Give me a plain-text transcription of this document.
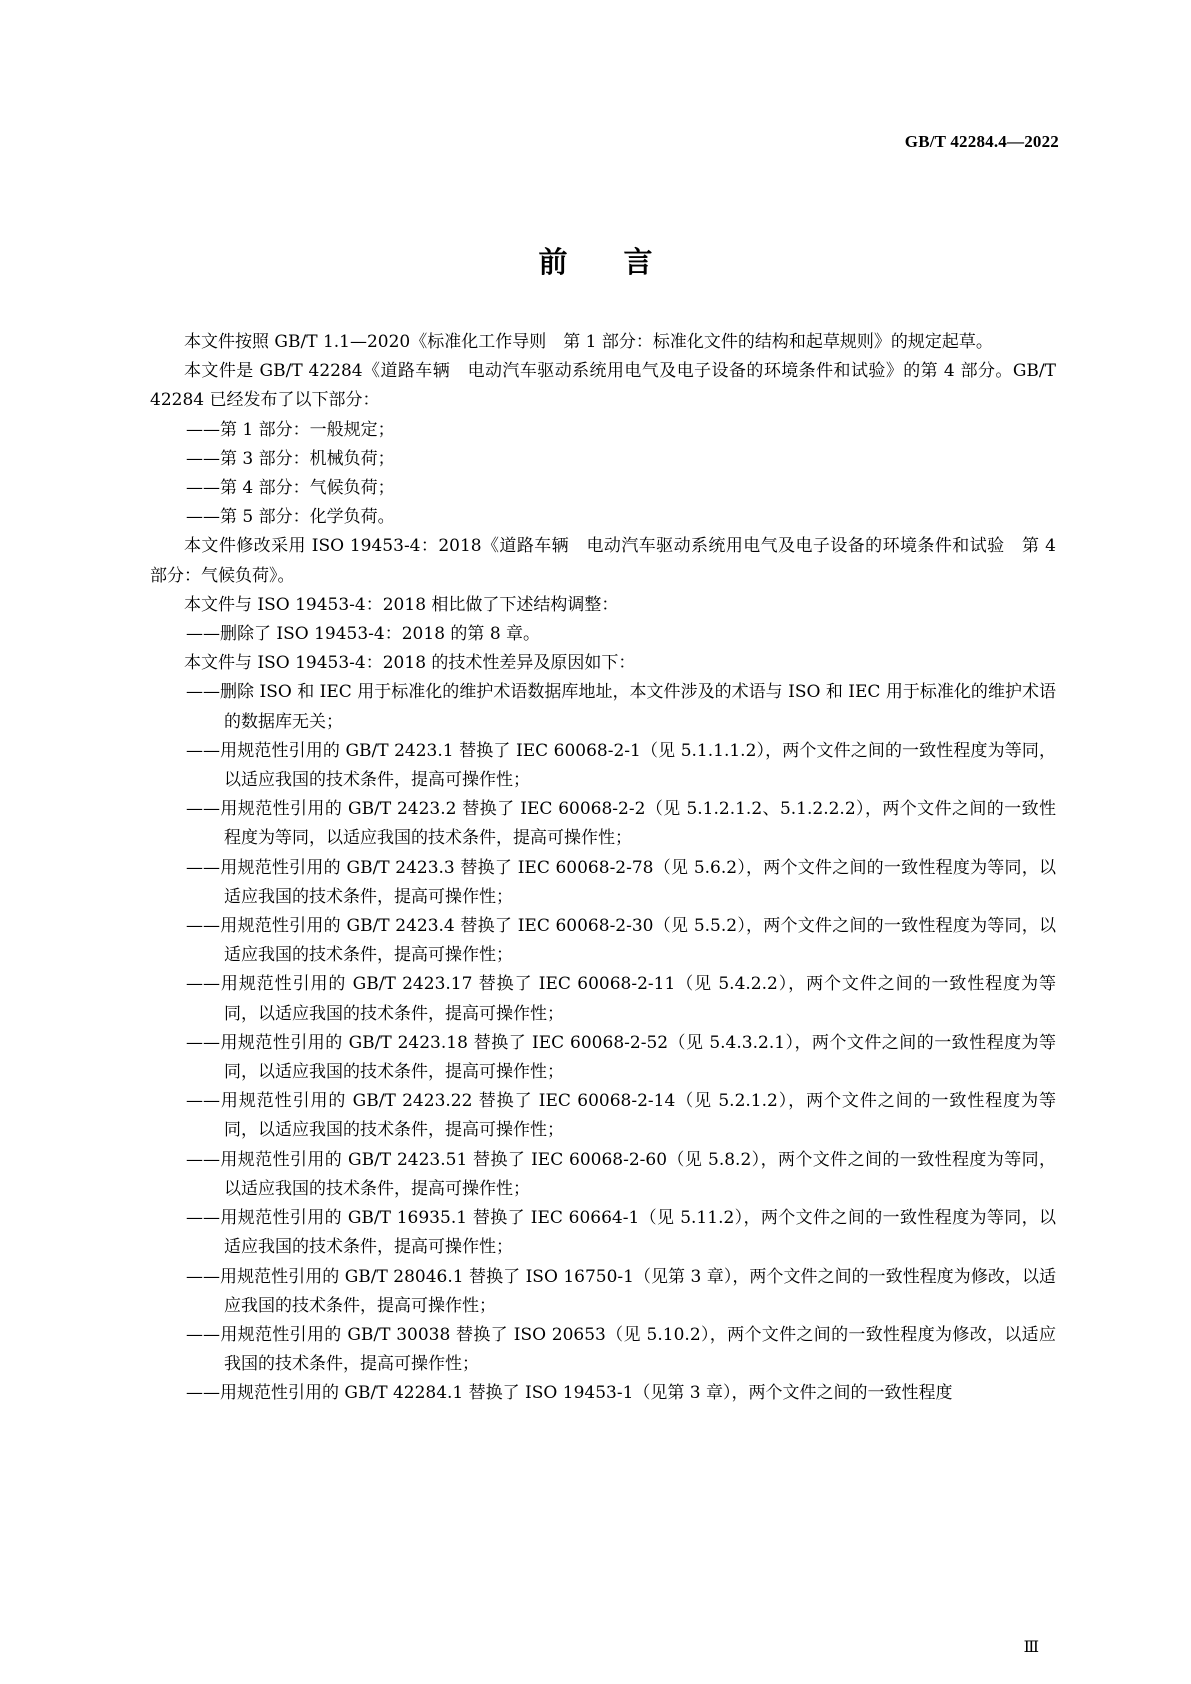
GB/T 42284.4—2022
前言

本文件按照 GB/T 1.1—2020《标准化工作导则　第 1 部分：标准化文件的结构和起草规则》的规定起草。

本文件是 GB/T 42284《道路车辆　电动汽车驱动系统用电气及电子设备的环境条件和试验》的第 4 部分。GB/T 42284 已经发布了以下部分：

——第 1 部分：一般规定；

——第 3 部分：机械负荷；

——第 4 部分：气候负荷；

——第 5 部分：化学负荷。

本文件修改采用 ISO 19453-4：2018《道路车辆　电动汽车驱动系统用电气及电子设备的环境条件和试验　第 4 部分：气候负荷》。

本文件与 ISO 19453-4：2018 相比做了下述结构调整：

——删除了 ISO 19453-4：2018 的第 8 章。

本文件与 ISO 19453-4：2018 的技术性差异及原因如下：

——删除 ISO 和 IEC 用于标准化的维护术语数据库地址，本文件涉及的术语与 ISO 和 IEC 用于标准化的维护术语的数据库无关；

——用规范性引用的 GB/T 2423.1 替换了 IEC 60068-2-1（见 5.1.1.1.2），两个文件之间的一致性程度为等同，以适应我国的技术条件，提高可操作性；

——用规范性引用的 GB/T 2423.2 替换了 IEC 60068-2-2（见 5.1.2.1.2、5.1.2.2.2），两个文件之间的一致性程度为等同，以适应我国的技术条件，提高可操作性；

——用规范性引用的 GB/T 2423.3 替换了 IEC 60068-2-78（见 5.6.2），两个文件之间的一致性程度为等同，以适应我国的技术条件，提高可操作性；

——用规范性引用的 GB/T 2423.4 替换了 IEC 60068-2-30（见 5.5.2），两个文件之间的一致性程度为等同，以适应我国的技术条件，提高可操作性；

——用规范性引用的 GB/T 2423.17 替换了 IEC 60068-2-11（见 5.4.2.2），两个文件之间的一致性程度为等同，以适应我国的技术条件，提高可操作性；

——用规范性引用的 GB/T 2423.18 替换了 IEC 60068-2-52（见 5.4.3.2.1），两个文件之间的一致性程度为等同，以适应我国的技术条件，提高可操作性；

——用规范性引用的 GB/T 2423.22 替换了 IEC 60068-2-14（见 5.2.1.2），两个文件之间的一致性程度为等同，以适应我国的技术条件，提高可操作性；

——用规范性引用的 GB/T 2423.51 替换了 IEC 60068-2-60（见 5.8.2），两个文件之间的一致性程度为等同，以适应我国的技术条件，提高可操作性；

——用规范性引用的 GB/T 16935.1 替换了 IEC 60664-1（见 5.11.2），两个文件之间的一致性程度为等同，以适应我国的技术条件，提高可操作性；

——用规范性引用的 GB/T 28046.1 替换了 ISO 16750-1（见第 3 章），两个文件之间的一致性程度为修改，以适应我国的技术条件，提高可操作性；

——用规范性引用的 GB/T 30038 替换了 ISO 20653（见 5.10.2），两个文件之间的一致性程度为修改，以适应我国的技术条件，提高可操作性；

——用规范性引用的 GB/T 42284.1 替换了 ISO 19453-1（见第 3 章），两个文件之间的一致性程度

Ⅲ
